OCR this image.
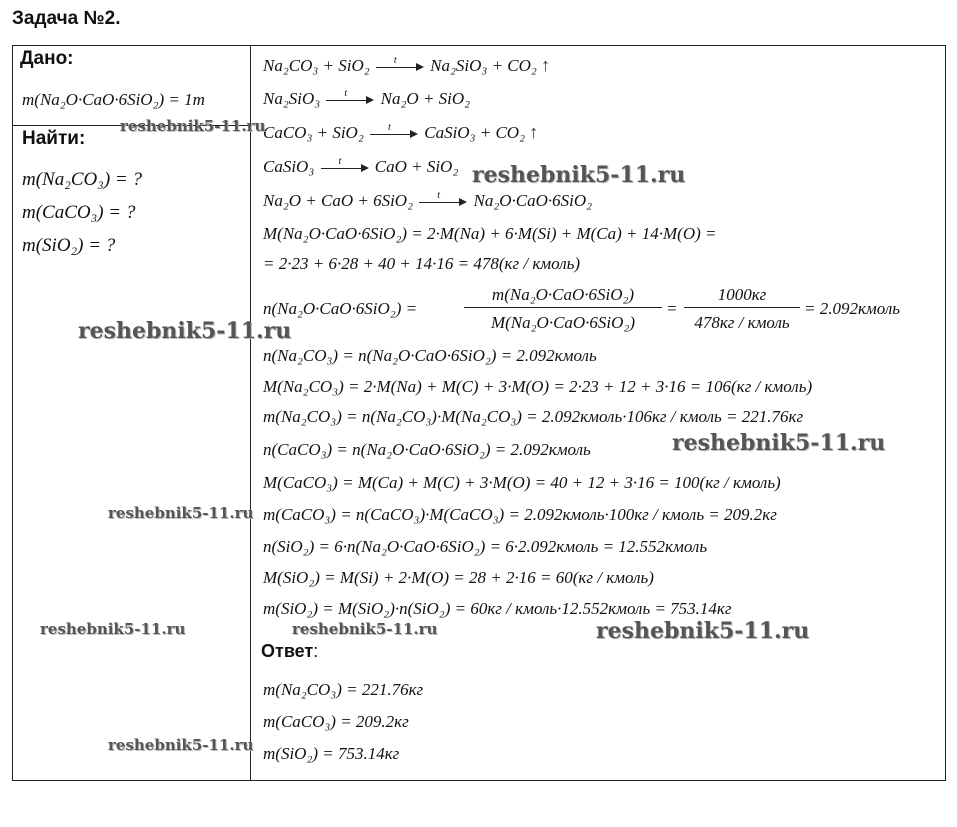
Задача №2.
Дано:
m(Na₂O·CaO·6SiO₂) = 1т
Найти:
m(Na₂CO₃) = ?
m(CaCO₃) = ?
m(SiO₂) = ?
Na₂CO₃ + SiO₂ t Na₂SiO₃ + CO₂ ↑
Na₂SiO₃ t Na₂O + SiO₂
CaCO₃ + SiO₂ t CaSiO₃ + CO₂ ↑
CaSiO₃ t CaO + SiO₂
Na₂O + CaO + 6SiO₂ t Na₂O·CaO·6SiO₂
M(Na₂O·CaO·6SiO₂) = 2·M(Na) + 6·M(Si) + M(Ca) + 14·M(O) =
= 2·23 + 6·28 + 40 + 14·16 = 478(кг / кмоль)
n(Na₂O·CaO·6SiO₂) =
m(Na₂O·CaO·6SiO₂)
M(Na₂O·CaO·6SiO₂)
=
1000кг
478кг / кмоль
= 2.092кмоль
n(Na₂CO₃) = n(Na₂O·CaO·6SiO₂) = 2.092кмоль
M(Na₂CO₃) = 2·M(Na) + M(C) + 3·M(O) = 2·23 + 12 + 3·16 = 106(кг / кмоль)
m(Na₂CO₃) = n(Na₂CO₃)·M(Na₂CO₃) = 2.092кмоль·106кг / кмоль = 221.76кг
n(CaCO₃) = n(Na₂O·CaO·6SiO₂) = 2.092кмоль
M(CaCO₃) = M(Ca) + M(C) + 3·M(O) = 40 + 12 + 3·16 = 100(кг / кмоль)
m(CaCO₃) = n(CaCO₃)·M(CaCO₃) = 2.092кмоль·100кг / кмоль = 209.2кг
n(SiO₂) = 6·n(Na₂O·CaO·6SiO₂) = 6·2.092кмоль = 12.552кмоль
M(SiO₂) = M(Si) + 2·M(O) = 28 + 2·16 = 60(кг / кмоль)
m(SiO₂) = M(SiO₂)·n(SiO₂) = 60кг / кмоль·12.552кмоль = 753.14кг
Ответ:
m(Na₂CO₃) = 221.76кг
m(CaCO₃) = 209.2кг
m(SiO₂) = 753.14кг
reshebnik5-11.ru
reshebnik5-11.ru
reshebnik5-11.ru
reshebnik5-11.ru
reshebnik5-11.ru
reshebnik5-11.ru	reshebnik5-11.ru	reshebnik5-11.ru
reshebnik5-11.ru
